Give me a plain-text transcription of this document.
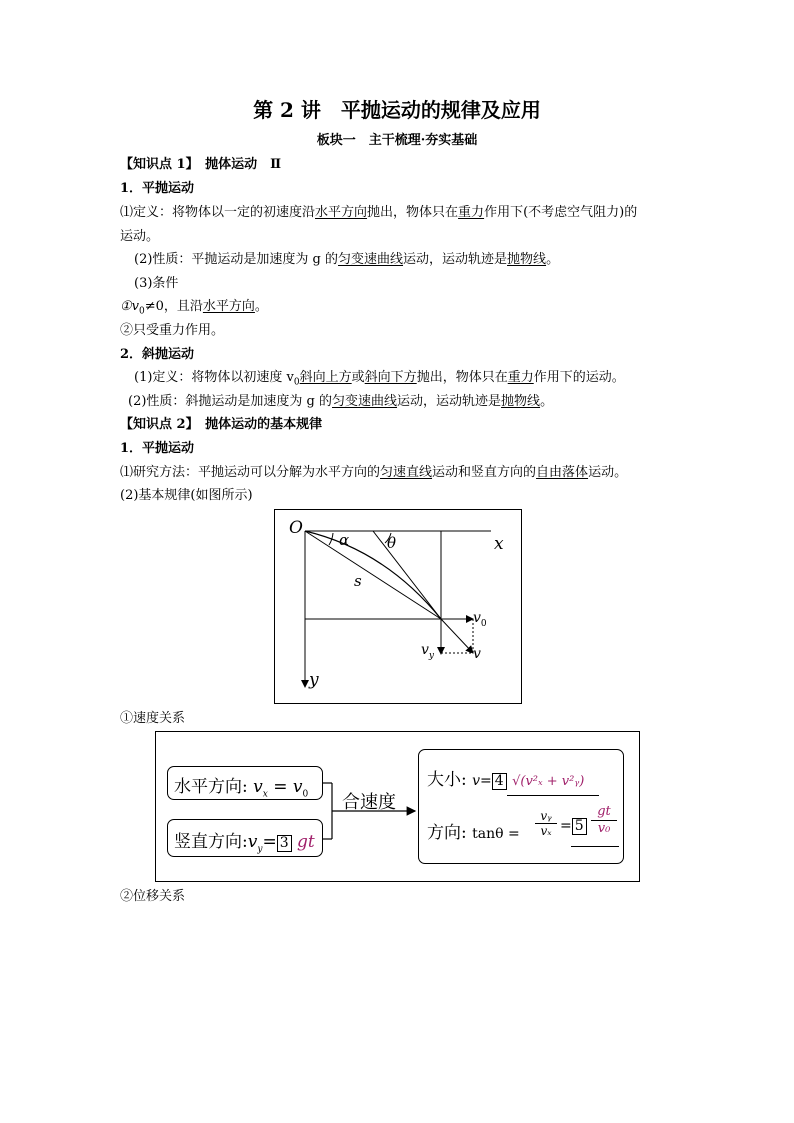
第 2 讲　平抛运动的规律及应用
板块一　主干梳理·夯实基础
【知识点 1】　抛体运动　Ⅱ
1．平抛运动
⑴定义：将物体以一定的初速度沿水平方向抛出，物体只在重力作用下(不考虑空气阻力)的
运动。
(2)性质：平抛运动是加速度为 g 的匀变速曲线运动，运动轨迹是抛物线。
(3)条件
$①v_0\ne 0$，且沿水平方向。
②只受重力作用。
2．斜抛运动
(1)定义：将物体以初速度 $v_0$斜向上方或斜向下方抛出，物体只在重力作用下的运动。
(2)性质：斜抛运动是加速度为 g 的匀变速曲线运动，运动轨迹是抛物线。
【知识点 2】　抛体运动的基本规律
1．平抛运动
⑴研究方法：平抛运动可以分解为水平方向的匀速直线运动和竖直方向的自由落体运动。
(2)基本规律(如图所示)
O
x
y
α	θ
s
$v_0$
$v_y$	v
①速度关系
水平方向: $v_x = v_0$
竖直方向$:v_y= 3$ gt
合速度
大小: v= 4 √(v²ₓ + v²ᵧ)
方向: $\tan\theta = \frac{\text{vᵧ}}{\text{vₓ}} = 5 \frac{gt}{\text{v₀}}$
②位移关系
